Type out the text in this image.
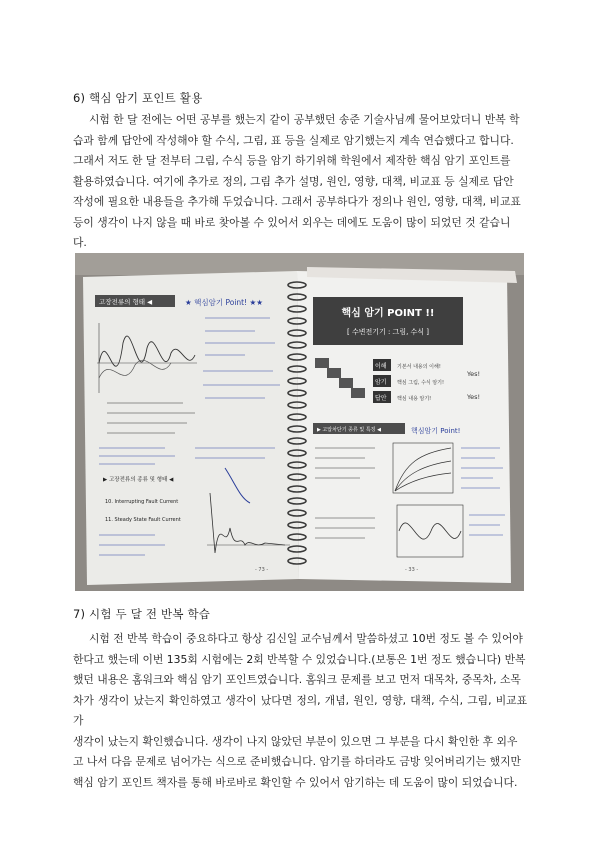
6) 핵심 암기 포인트 활용
시험 한 달 전에는 어떤 공부를 했는지 같이 공부했던 송준 기술사님께 물어보았더니 반복 학
습과 함께 답안에 작성해야 할 수식, 그림, 표 등을 실제로 암기했는지 계속 연습했다고 합니다.
그래서 저도 한 달 전부터 그림, 수식 등을 암기 하기위해 학원에서 제작한 핵심 암기 포인트를
활용하였습니다. 여기에 추가로 정의, 그림 추가 설명, 원인, 영향, 대책, 비교표 등 실제로 답안
작성에 필요한 내용들을 추가해 두었습니다. 그래서 공부하다가 정의나 원인, 영향, 대책, 비교표
등이 생각이 나지 않을 때 바로 찾아볼 수 있어서 외우는 데에도 도움이 많이 되었던 것 같습니
다.
고장전류의 형태 ◀	★ 핵심암기 Point! ★★
▶ 고장전류의 종류 및 형태 ◀
10. Interrupting Fault Current
11. Steady State Fault Current
- 73 -
핵심 암기 POINT !!
[ 수변전기기 : 그림, 수식 ]
이해 기본서 내용의 이해!
암기 핵심 그림, 수식 암기!
답안 핵심 내용 암기!
Yes!
Yes!
▶ 고압차단기 종류 및 특징 ◀	핵심암기 Point!
- 33 -
7) 시험 두 달 전 반복 학습
시험 전 반복 학습이 중요하다고 항상 김신일 교수님께서 말씀하셨고 10번 정도 볼 수 있어야
한다고 했는데 이번 135회 시험에는 2회 반복할 수 있었습니다.(보통은 1번 정도 했습니다) 반복
했던 내용은 홈워크와 핵심 암기 포인트였습니다. 홈워크 문제를 보고 먼저 대목차, 중목차, 소목
차가 생각이 났는지 확인하였고 생각이 났다면 정의, 개념, 원인, 영향, 대책, 수식, 그림, 비교표가
생각이 났는지 확인했습니다. 생각이 나지 않았던 부분이 있으면 그 부분을 다시 확인한 후 외우
고 나서 다음 문제로 넘어가는 식으로 준비했습니다. 암기를 하더라도 금방 잊어버리기는 했지만
핵심 암기 포인트 책자를 통해 바로바로 확인할 수 있어서 암기하는 데 도움이 많이 되었습니다.
